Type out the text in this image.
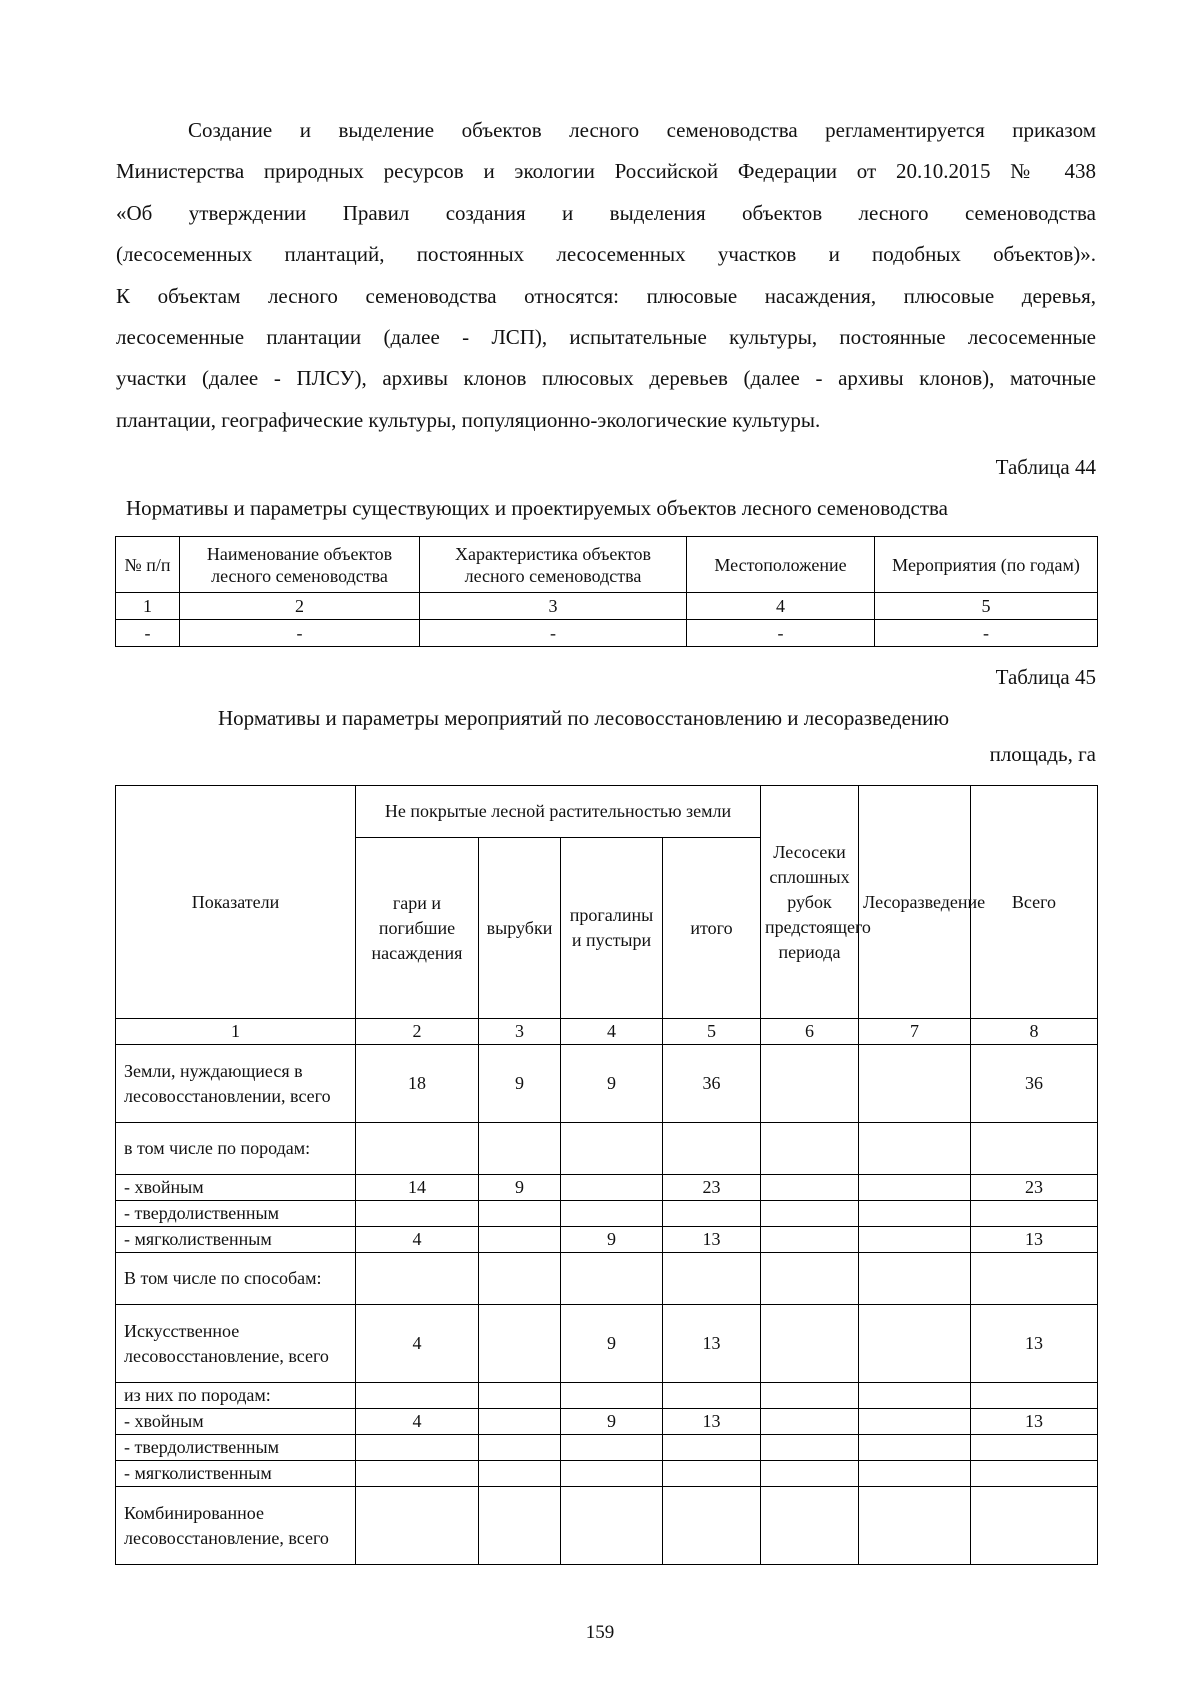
Создание и выделение объектов лесного семеноводства регламентируется приказом
Министерства природных ресурсов и экологии Российской Федерации от 20.10.2015 № 438
«Об утверждении Правил создания и выделения объектов лесного семеноводства
(лесосеменных плантаций, постоянных лесосеменных участков и подобных объектов)».
К объектам лесного семеноводства относятся: плюсовые насаждения, плюсовые деревья,
лесосеменные плантации (далее - ЛСП), испытательные культуры, постоянные лесосеменные
участки (далее - ПЛСУ), архивы клонов плюсовых деревьев (далее - архивы клонов), маточные
плантации, географические культуры, популяционно-экологические культуры.
Таблица 44
Нормативы и параметры существующих и проектируемых объектов лесного семеноводства
№ п/п	Наименование объектов лесного семеноводства	Характеристика объектов лесного семеноводства	Местоположение	Мероприятия (по годам)
1	2	3	4	5
-	-	-	-	-
Таблица 45
Нормативы и параметры мероприятий по лесовосстановлению и лесоразведению
площадь, га
Показатели	Не покрытые лесной растительностью земли				Лесосеки сплошных рубок предстоящего периода	Лесоразведение	Всего
	гари и погибшие насаждения	вырубки	прогалины и пустыри	итого			
1	2	3	4	5	6	7	8
Земли, нуждающиеся в лесовосстановлении, всего	18	9	9	36			36
в том числе по породам:							
- хвойным	14	9		23			23
- твердолиственным							
- мягколиственным	4		9	13			13
В том числе по способам:							
Искусственное лесовосстановление, всего	4		9	13			13
из них по породам:							
- хвойным	4		9	13			13
- твердолиственным							
- мягколиственным							
Комбинированное лесовосстановление, всего							
159
